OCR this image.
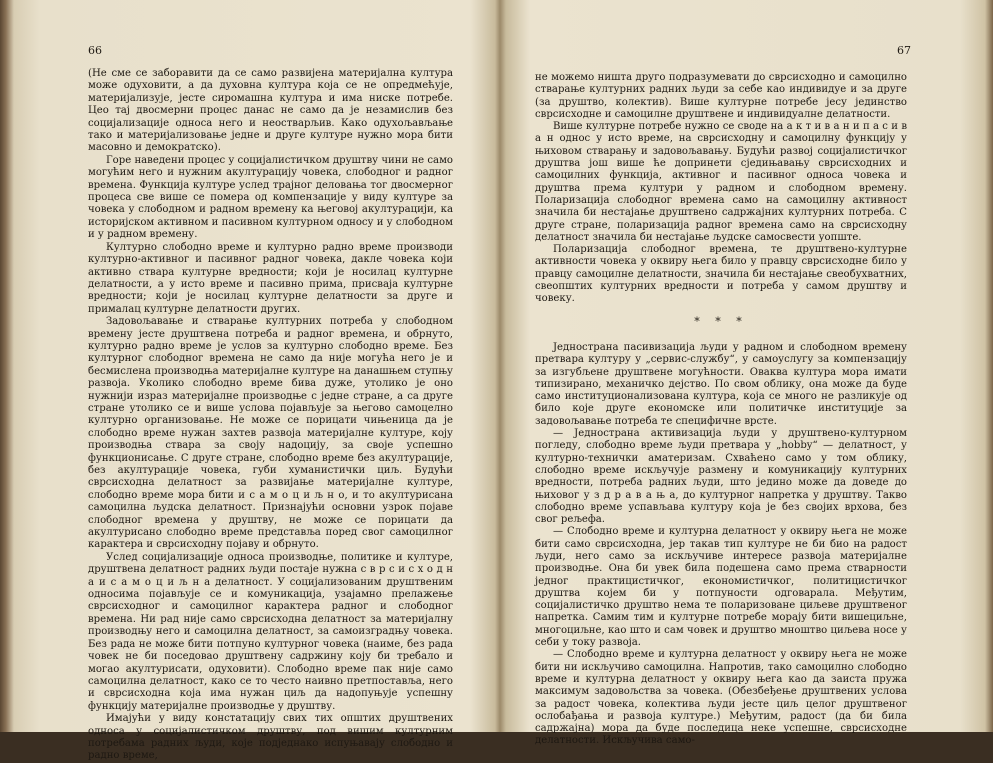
66

(Не сме се заборавити да се само развијена материјална култура може одуховити, а да духовна култура која се не опредмећује, материјализује, јесте сиромашна култура и има ниске потребе. Цео тај двосмерни процес данас не само да је незамислив без социјализације односа него и неостварљив. Како одухољављање тако и материјализовање једне и друге културе нужно мора бити масовно и демократско).

Горе наведени процес у социјалистичком друштву чини не само могућим него и нужним акултурацију човека, слободног и радног времена. Функција културе услед трајног деловања тог двосмерног процеса све више се помера од компензације у виду културе за човека у слободном и радном времену ка његовој акултурацији, ка историјском активном и пасивном културном односу и у слободном и у радном времену.

Културно слободно време и културно радно време производи културно-активног и пасивног радног човека, дакле човека који активно ствара културне вредности; који је носилац културне делатности, а у исто време и пасивно прима, присваја културне вредности; који је носилац културне делатности за друге и прималац културне делатности других.

Задовољавање и стварање културних потреба у слободном времену јесте друштвена потреба и радног времена, и обрнуто, културно радно време је услов за културно слободно време. Без културног слободног времена не само да није могућа него је и бесмислена производња материјалне културе на данашњем ступњу развоја. Уколико слободно време бива дуже, утолико је оно нужнији израз материјалне производње с једне стране, а са друге стране утолико се и више услова појављује за његово самоцелно културно организовање. Не може се порицати чињеница да је слободно време нужан захтев развоја материјалне културе, коју производња ствара за своју надоцију, за своје успешно функционисање. С друге стране, слободно време без акултурације, без акултурације човека, губи хуманистички циљ. Будући сврсисходна делатност за развијање материјалне културе, слободно време мора бити и с а м о ц и љ н о, и то акултурисана самоцилна људска делатност. Признајући основни узрок појаве слободног времена у друштву, не може се порицати да акултурисано слободно време представља поред свог самоцилног карактера и сврсисходну појаву и обрнуто.

Услед социјализације односа производње, политике и културе, друштвена делатност радних људи постаје нужна с в р с и с х о д н а и с а м о ц и љ н а делатност. У социјализованим друштвеним односима појављује се и комуникација, узајамно прелажење сврсисходног и самоцилног карактера радног и слободног времена. Ни рад није само сврсисходна делатност за материјалну производњу него и самоцилна делатност, за самоизградњу човека. Без рада не може бити потпуно културног човека (наиме, без рада човек не би поседовао друштвену садржину коју би требало и могао акултурисати, одуховити). Слободно време пак није само самоцилна делатност, како се то често наивно претпоставља, него и сврсисходна која има нужан циљ да надопуњује успешну функцију материјалне производње у друштву.

Имајући у виду констатацију свих тих општих друштвених односа у социјалистичком друштву, под вишим културним потребама радних људи, које подједнако испуњавају слободно и радно време,

67

не можемо ништа друго подразумевати до сврсисходно и самоцилно стварање културних радних људи за себе као индивидуе и за друге (за друштво, колектив). Више културне потребе јесу јединство сврсисходне и самоцилне друштвене и индивидуалне делатности.

Више културне потребе нужно се своде на а к т и в а н и п а с и в а н однос у исто време, на сврсисходну и самоцилну функцију у њиховом стварању и задовољавању. Будући развој социјалистичког друштва још више ће допринети сједињавању сврсисходних и самоцилних функција, активног и пасивног односа човека и друштва према култури у радном и слободном времену. Поларизација слободног времена само на самоцилну активност значила би нестајање друштвено садржајних културних потреба. С друге стране, поларизација радног времена само на сврсисходну делатност значила би нестајање људске самосвести уопште.

Поларизација слободног времена, те друштвено-културне активности човека у оквиру њега било у правцу сврсисходне било у правцу самоцилне делатности, значила би нестајање свеобухватних, свеопштих културних вредности и потреба у самом друштву и човеку.

* * *

Једнострана пасивизација људи у радном и слободном времену претвара културу у „сервис-службу“, у самоуслугу за компензацију за изгубљене друштвене могућности. Оваква култура мора имати типизирано, механичко дејство. По свом облику, она може да буде само институционализована култура, која се много не разликује од било које друге економске или политичке институције за задовољавање потреба те специфичне врсте.

— Једнострана активизација људи у друштвено-културном погледу, слободно време људи претвара у „hobby“ — делатност, у културно-технички аматеризам. Схваћено само у том облику, слободно време искључује размену и комуникацију културних вредности, потреба радних људи, што једино може да доведе до њиховог у з д р а в а њ а, до културног напретка у друштву. Такво слободно време успављава културу која је без својих врхова, без свог рељефа.

— Слободно време и културна делатност у оквиру њега не може бити само сврсисходна, јер такав тип културе не би био на радост људи, него само за искључиве интересе развоја материјалне производње. Она би увек била подешена само према стварности једног практицистичког, економистичког, политицистичког друштва којем би у потпуности одговарала. Међутим, социјалистичко друштво нема те поларизоване циљеве друштвеног напретка. Самим тим и културне потребе морају бити вишециљне, многоциљне, као што и сам човек и друштво мноштво циљева носе у себи у току развоја.

— Слободно време и културна делатност у оквиру њега не може бити ни искључиво самоцилна. Напротив, тако самоцилно слободно време и културна делатност у оквиру њега као да заиста пружа максимум задовољства за човека. (Обезбеђење друштвених услова за радост човека, колектива људи јесте циљ целог друштвеног ослобађања и развоја културе.) Међутим, радост (да би била садржајна) мора да буде последица неке успешне, сврсисходне делатности. Искључива само-
